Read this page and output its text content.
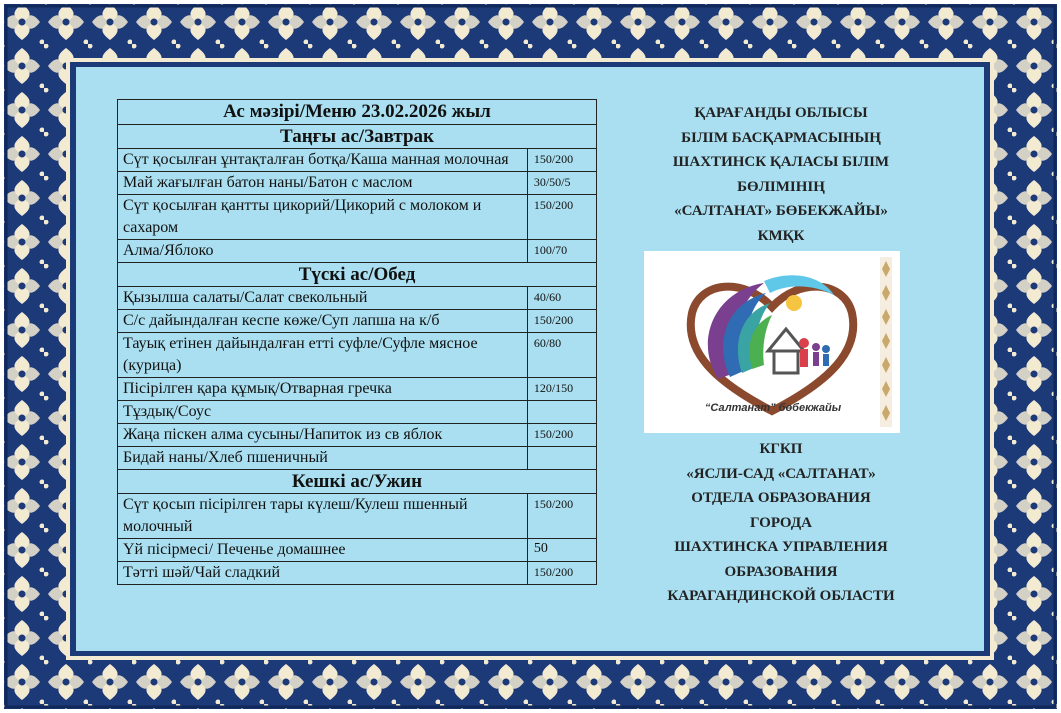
Ас мәзірі/Меню 23.02.2026 жыл	
Таңғы ас/Завтрак	
Сүт қосылған ұнтақталған ботқа/Каша манная молочная	150/200
Май жағылған батон наны/Батон с маслом	30/50/5
Сүт қосылған қантты цикорий/Цикорий с молоком и сахаром	150/200
Алма/Яблоко	100/70
Түскі ас/Обед	
Қызылша салаты/Салат свекольный	40/60
С/с дайындалған кеспе көже/Суп лапша на к/б	150/200
Тауық етінен дайындалған етті суфле/Суфле мясное (курица)	60/80
Пісірілген қара құмық/Отварная гречка	120/150
Тұздық/Соус	
Жаңа піскен алма сусыны/Напиток из св яблок	150/200
Бидай наны/Хлеб пшеничный	
Кешкі ас/Ужин	
Сүт қосып пісірілген тары күлеш/Кулеш пшенный молочный	150/200
Үй пісірмесі/ Печенье домашнее	50
Тәтті шәй/Чай сладкий	150/200
ҚАРАҒАНДЫ ОБЛЫСЫ
БІЛІМ БАСҚАРМАСЫНЫҢ
ШАХТИНСК ҚАЛАСЫ БІЛІМ
БӨЛІМІНІҢ
«САЛТАНАТ» БӨБЕКЖАЙЫ»
КМҚК
“Салтанат” бөбекжайы
КГКП
«ЯСЛИ-САД «САЛТАНАТ»
ОТДЕЛА ОБРАЗОВАНИЯ
ГОРОДА
ШАХТИНСКА УПРАВЛЕНИЯ
ОБРАЗОВАНИЯ
КАРАГАНДИНСКОЙ ОБЛАСТИ
